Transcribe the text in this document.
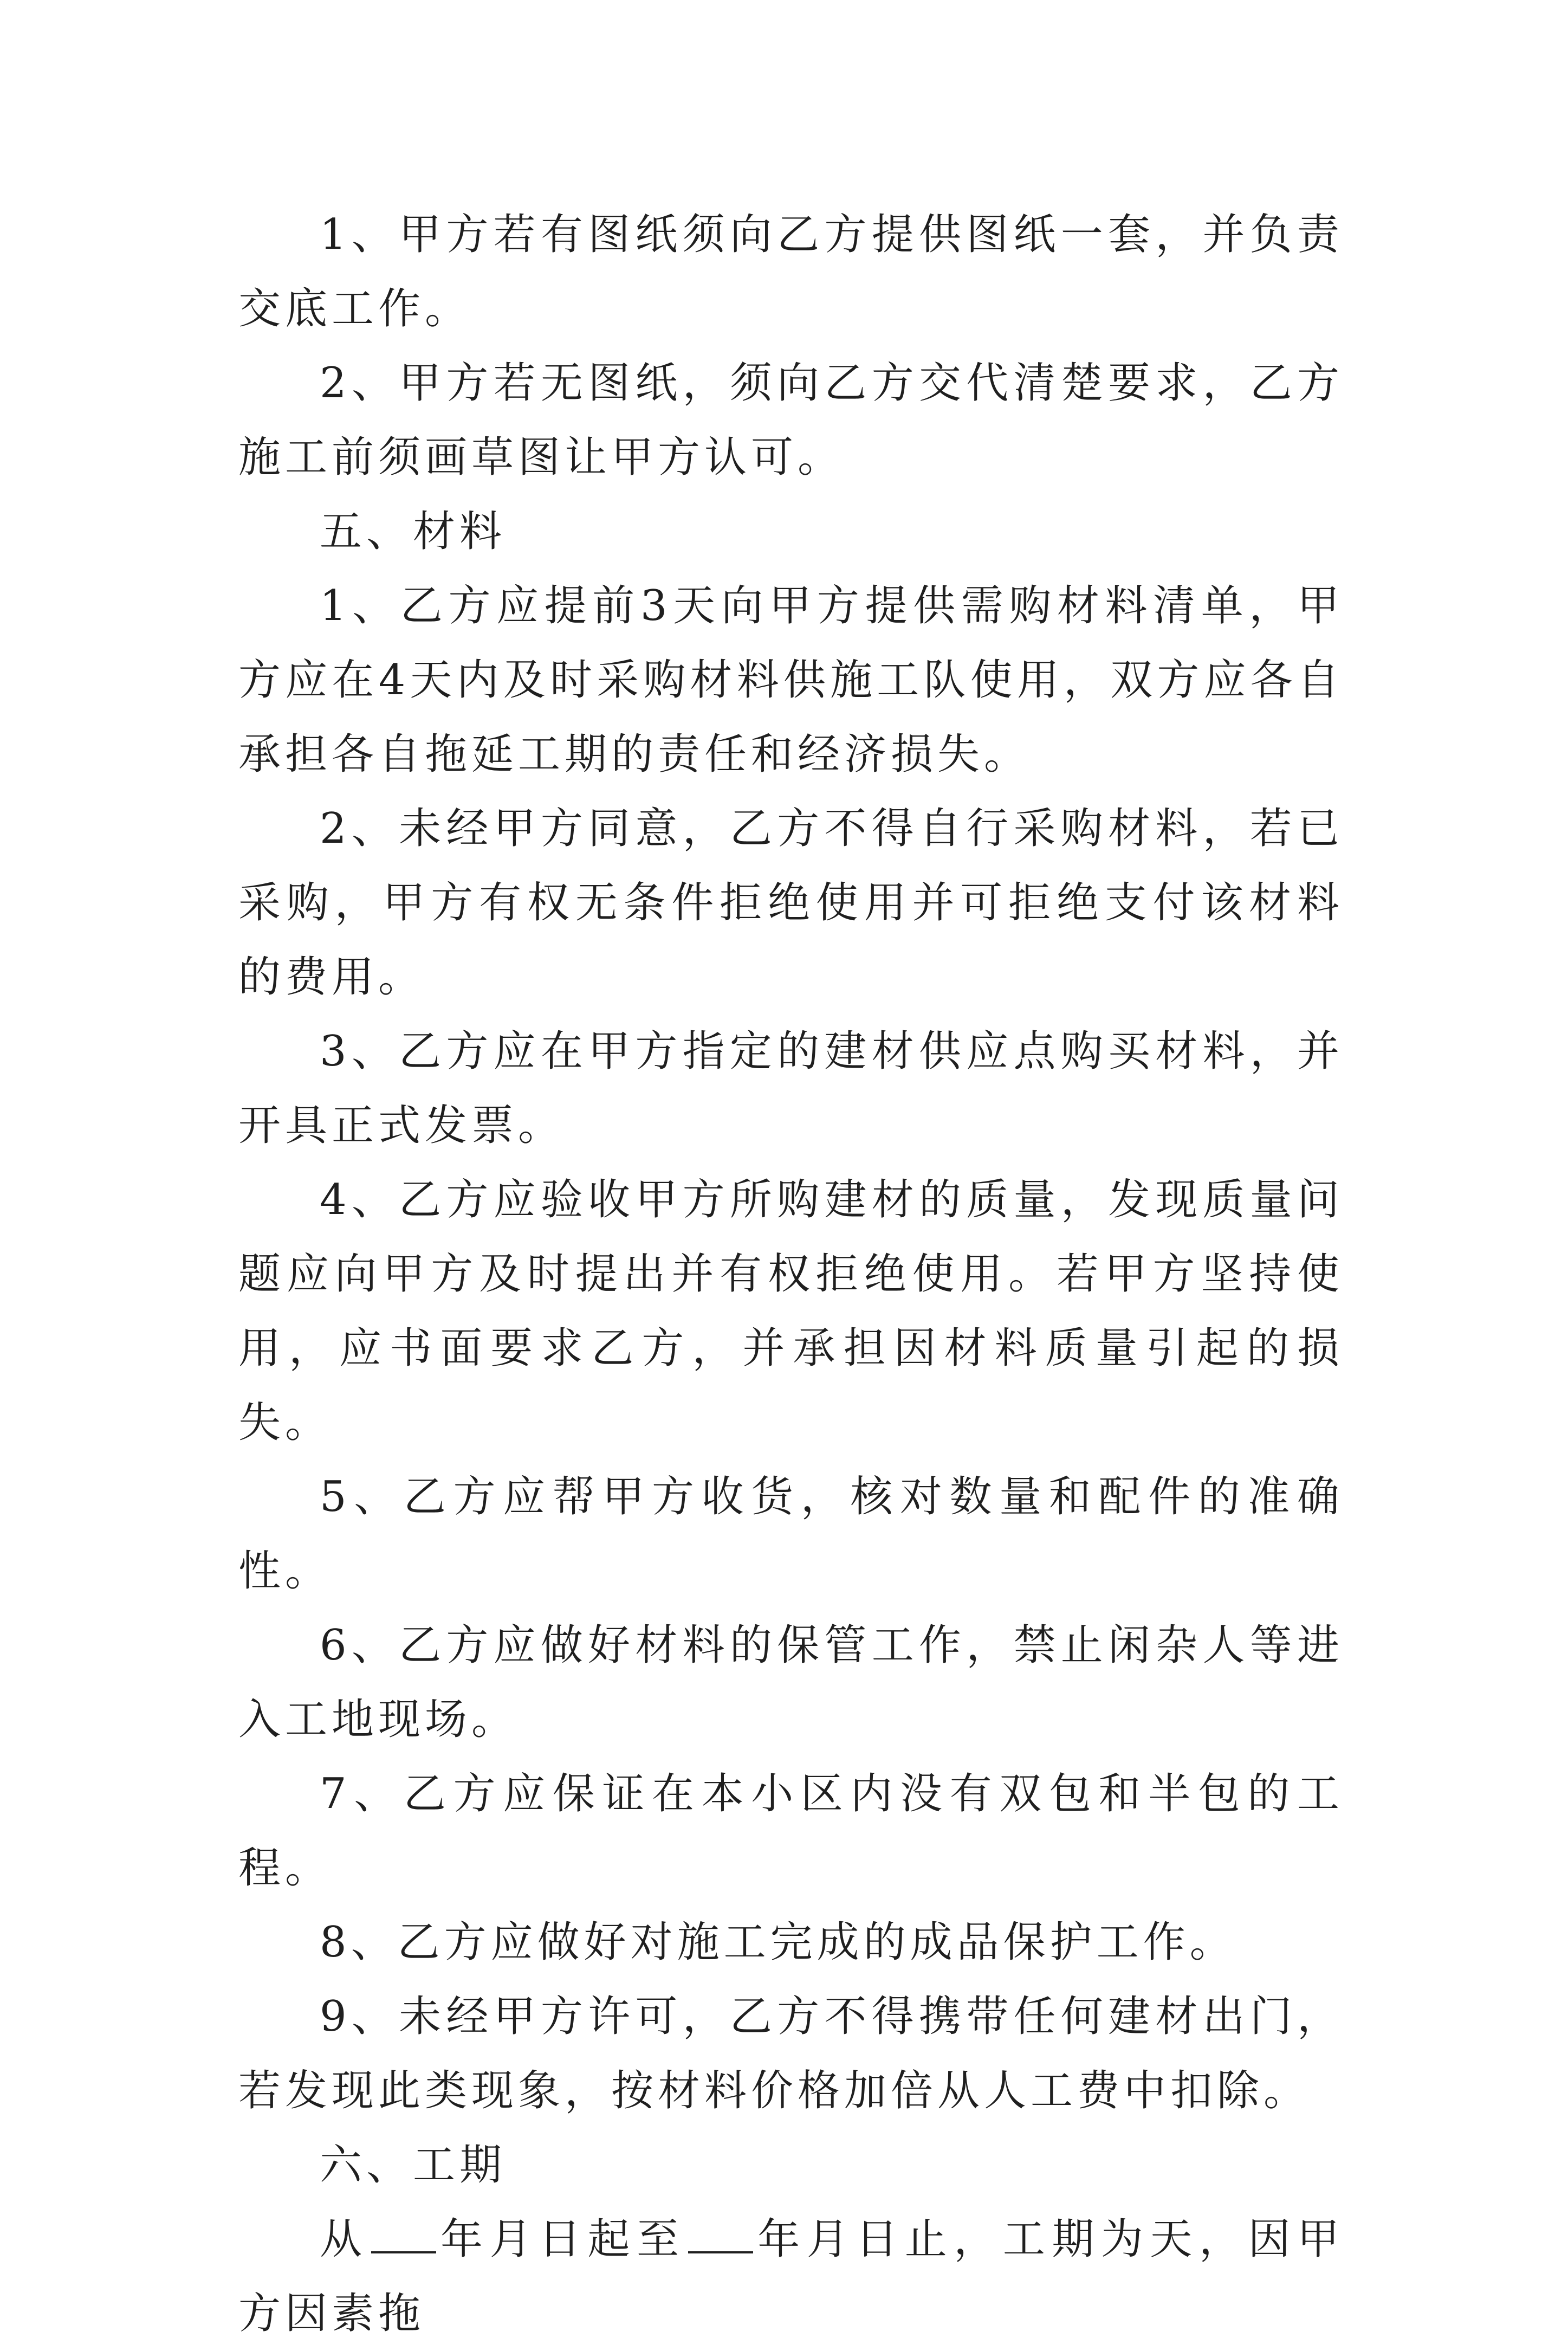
1、甲方若有图纸须向乙方提供图纸一套，并负责交底工作。

2、甲方若无图纸，须向乙方交代清楚要求，乙方施工前须画草图让甲方认可。

五、材料

1、乙方应提前3天向甲方提供需购材料清单，甲方应在4天内及时采购材料供施工队使用，双方应各自承担各自拖延工期的责任和经济损失。

2、未经甲方同意，乙方不得自行采购材料，若已采购，甲方有权无条件拒绝使用并可拒绝支付该材料的费用。

3、乙方应在甲方指定的建材供应点购买材料，并开具正式发票。

4、乙方应验收甲方所购建材的质量，发现质量问题应向甲方及时提出并有权拒绝使用。若甲方坚持使用，应书面要求乙方，并承担因材料质量引起的损失。

5、乙方应帮甲方收货，核对数量和配件的准确性。

6、乙方应做好材料的保管工作，禁止闲杂人等进入工地现场。

7、乙方应保证在本小区内没有双包和半包的工程。

8、乙方应做好对施工完成的成品保护工作。

9、未经甲方许可，乙方不得携带任何建材出门，若发现此类现象，按材料价格加倍从人工费中扣除。

六、工期

从 年月日起至 年月日止，工期为天，因甲方因素拖
